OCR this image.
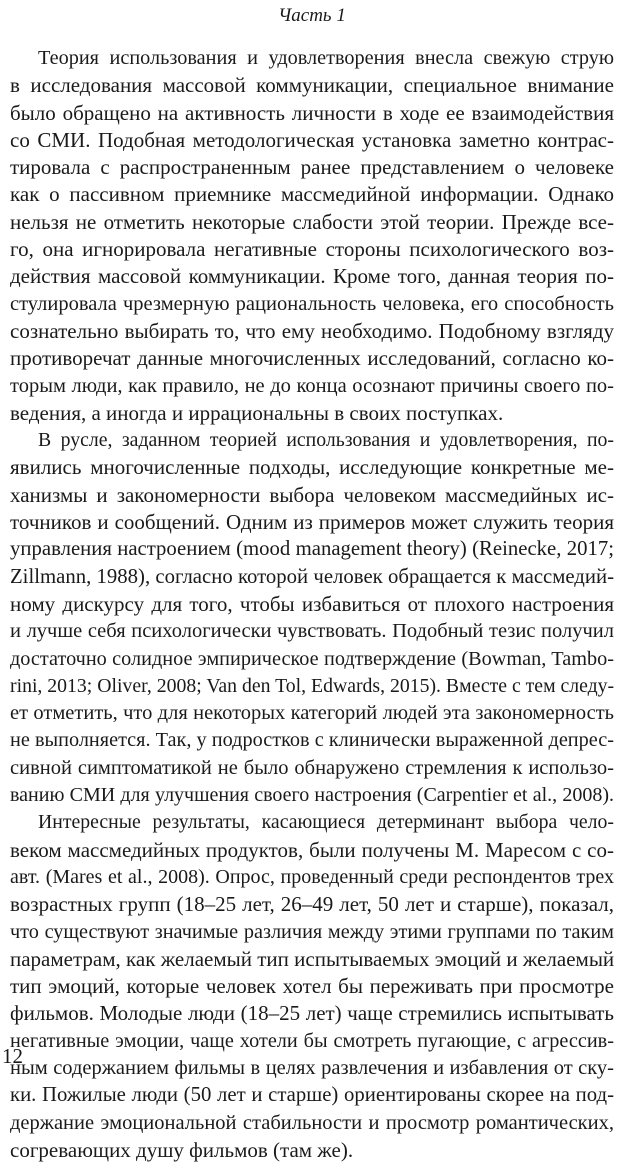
Часть 1
Теория использования и удовлетворения внесла свежую струю
в исследования массовой коммуникации, специальное внимание
было обращено на активность личности в ходе ее взаимодействия
со СМИ. Подобная методологическая установка заметно контрас-
тировала с распространенным ранее представлением о человеке
как о пассивном приемнике массмедийной информации. Однако
нельзя не отметить некоторые слабости этой теории. Прежде все-
го, она игнорировала негативные стороны психологического воз-
действия массовой коммуникации. Кроме того, данная теория по-
стулировала чрезмерную рациональность человека, его способность
сознательно выбирать то, что ему необходимо. Подобному взгляду
противоречат данные многочисленных исследований, согласно ко-
торым люди, как правило, не до конца осознают причины своего по-
ведения, а иногда и иррациональны в своих поступках.
В русле, заданном теорией использования и удовлетворения, по-
явились многочисленные подходы, исследующие конкретные ме-
ханизмы и закономерности выбора человеком массмедийных ис-
точников и сообщений. Одним из примеров может служить теория
управления настроением (mood management theory) (Reinecke, 2017;
Zillmann, 1988), согласно которой человек обращается к массмедий-
ному дискурсу для того, чтобы избавиться от плохого настроения
и лучше себя психологически чувствовать. Подобный тезис получил
достаточно солидное эмпирическое подтверждение (Bowman, Tambo-
rini, 2013; Oliver, 2008; Van den Tol, Edwards, 2015). Вместе с тем следу-
ет отметить, что для некоторых категорий людей эта закономерность
не выполняется. Так, у подростков с клинически выраженной депрес-
сивной симптоматикой не было обнаружено стремления к использо-
ванию СМИ для улучшения своего настроения (Carpentier et al., 2008).
Интересные результаты, касающиеся детерминант выбора чело-
веком массмедийных продуктов, были получены М. Маресом с со-
авт. (Mares et al., 2008). Опрос, проведенный среди респондентов трех
возрастных групп (18–25 лет, 26–49 лет, 50 лет и старше), показал,
что существуют значимые различия между этими группами по таким
параметрам, как желаемый тип испытываемых эмоций и желаемый
тип эмоций, которые человек хотел бы переживать при просмотре
фильмов. Молодые люди (18–25 лет) чаще стремились испытывать
негативные эмоции, чаще хотели бы смотреть пугающие, с агрессив-
ным содержанием фильмы в целях развлечения и избавления от ску-
ки. Пожилые люди (50 лет и старше) ориентированы скорее на под-
держание эмоциональной стабильности и просмотр романтических,
согревающих душу фильмов (там же).
12
